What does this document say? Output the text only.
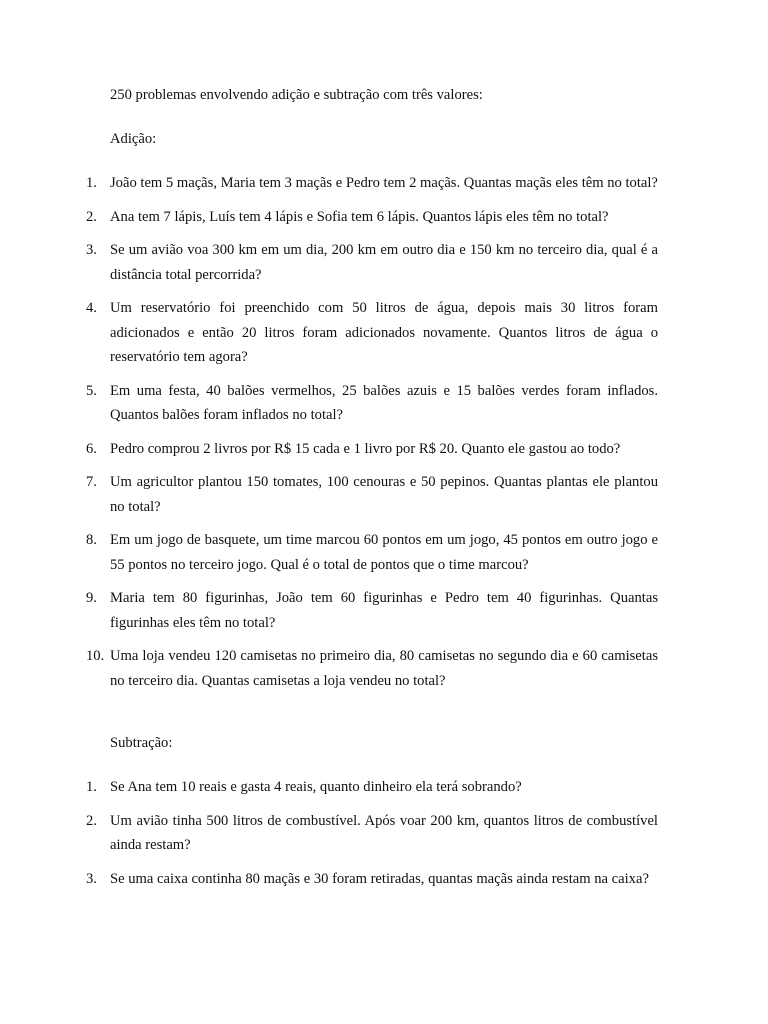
250 problemas envolvendo adição e subtração com três valores:

Adição:

1. João tem 5 maçãs, Maria tem 3 maçãs e Pedro tem 2 maçãs. Quantas maçãs eles têm no total?
2. Ana tem 7 lápis, Luís tem 4 lápis e Sofia tem 6 lápis. Quantos lápis eles têm no total?
3. Se um avião voa 300 km em um dia, 200 km em outro dia e 150 km no terceiro dia, qual é a distância total percorrida?
4. Um reservatório foi preenchido com 50 litros de água, depois mais 30 litros foram adicionados e então 20 litros foram adicionados novamente. Quantos litros de água o reservatório tem agora?
5. Em uma festa, 40 balões vermelhos, 25 balões azuis e 15 balões verdes foram inflados. Quantos balões foram inflados no total?
6. Pedro comprou 2 livros por R$ 15 cada e 1 livro por R$ 20. Quanto ele gastou ao todo?
7. Um agricultor plantou 150 tomates, 100 cenouras e 50 pepinos. Quantas plantas ele plantou no total?
8. Em um jogo de basquete, um time marcou 60 pontos em um jogo, 45 pontos em outro jogo e 55 pontos no terceiro jogo. Qual é o total de pontos que o time marcou?
9. Maria tem 80 figurinhas, João tem 60 figurinhas e Pedro tem 40 figurinhas. Quantas figurinhas eles têm no total?
10. Uma loja vendeu 120 camisetas no primeiro dia, 80 camisetas no segundo dia e 60 camisetas no terceiro dia. Quantas camisetas a loja vendeu no total?

Subtração:

1. Se Ana tem 10 reais e gasta 4 reais, quanto dinheiro ela terá sobrando?
2. Um avião tinha 500 litros de combustível. Após voar 200 km, quantos litros de combustível ainda restam?
3. Se uma caixa continha 80 maçãs e 30 foram retiradas, quantas maçãs ainda restam na caixa?
